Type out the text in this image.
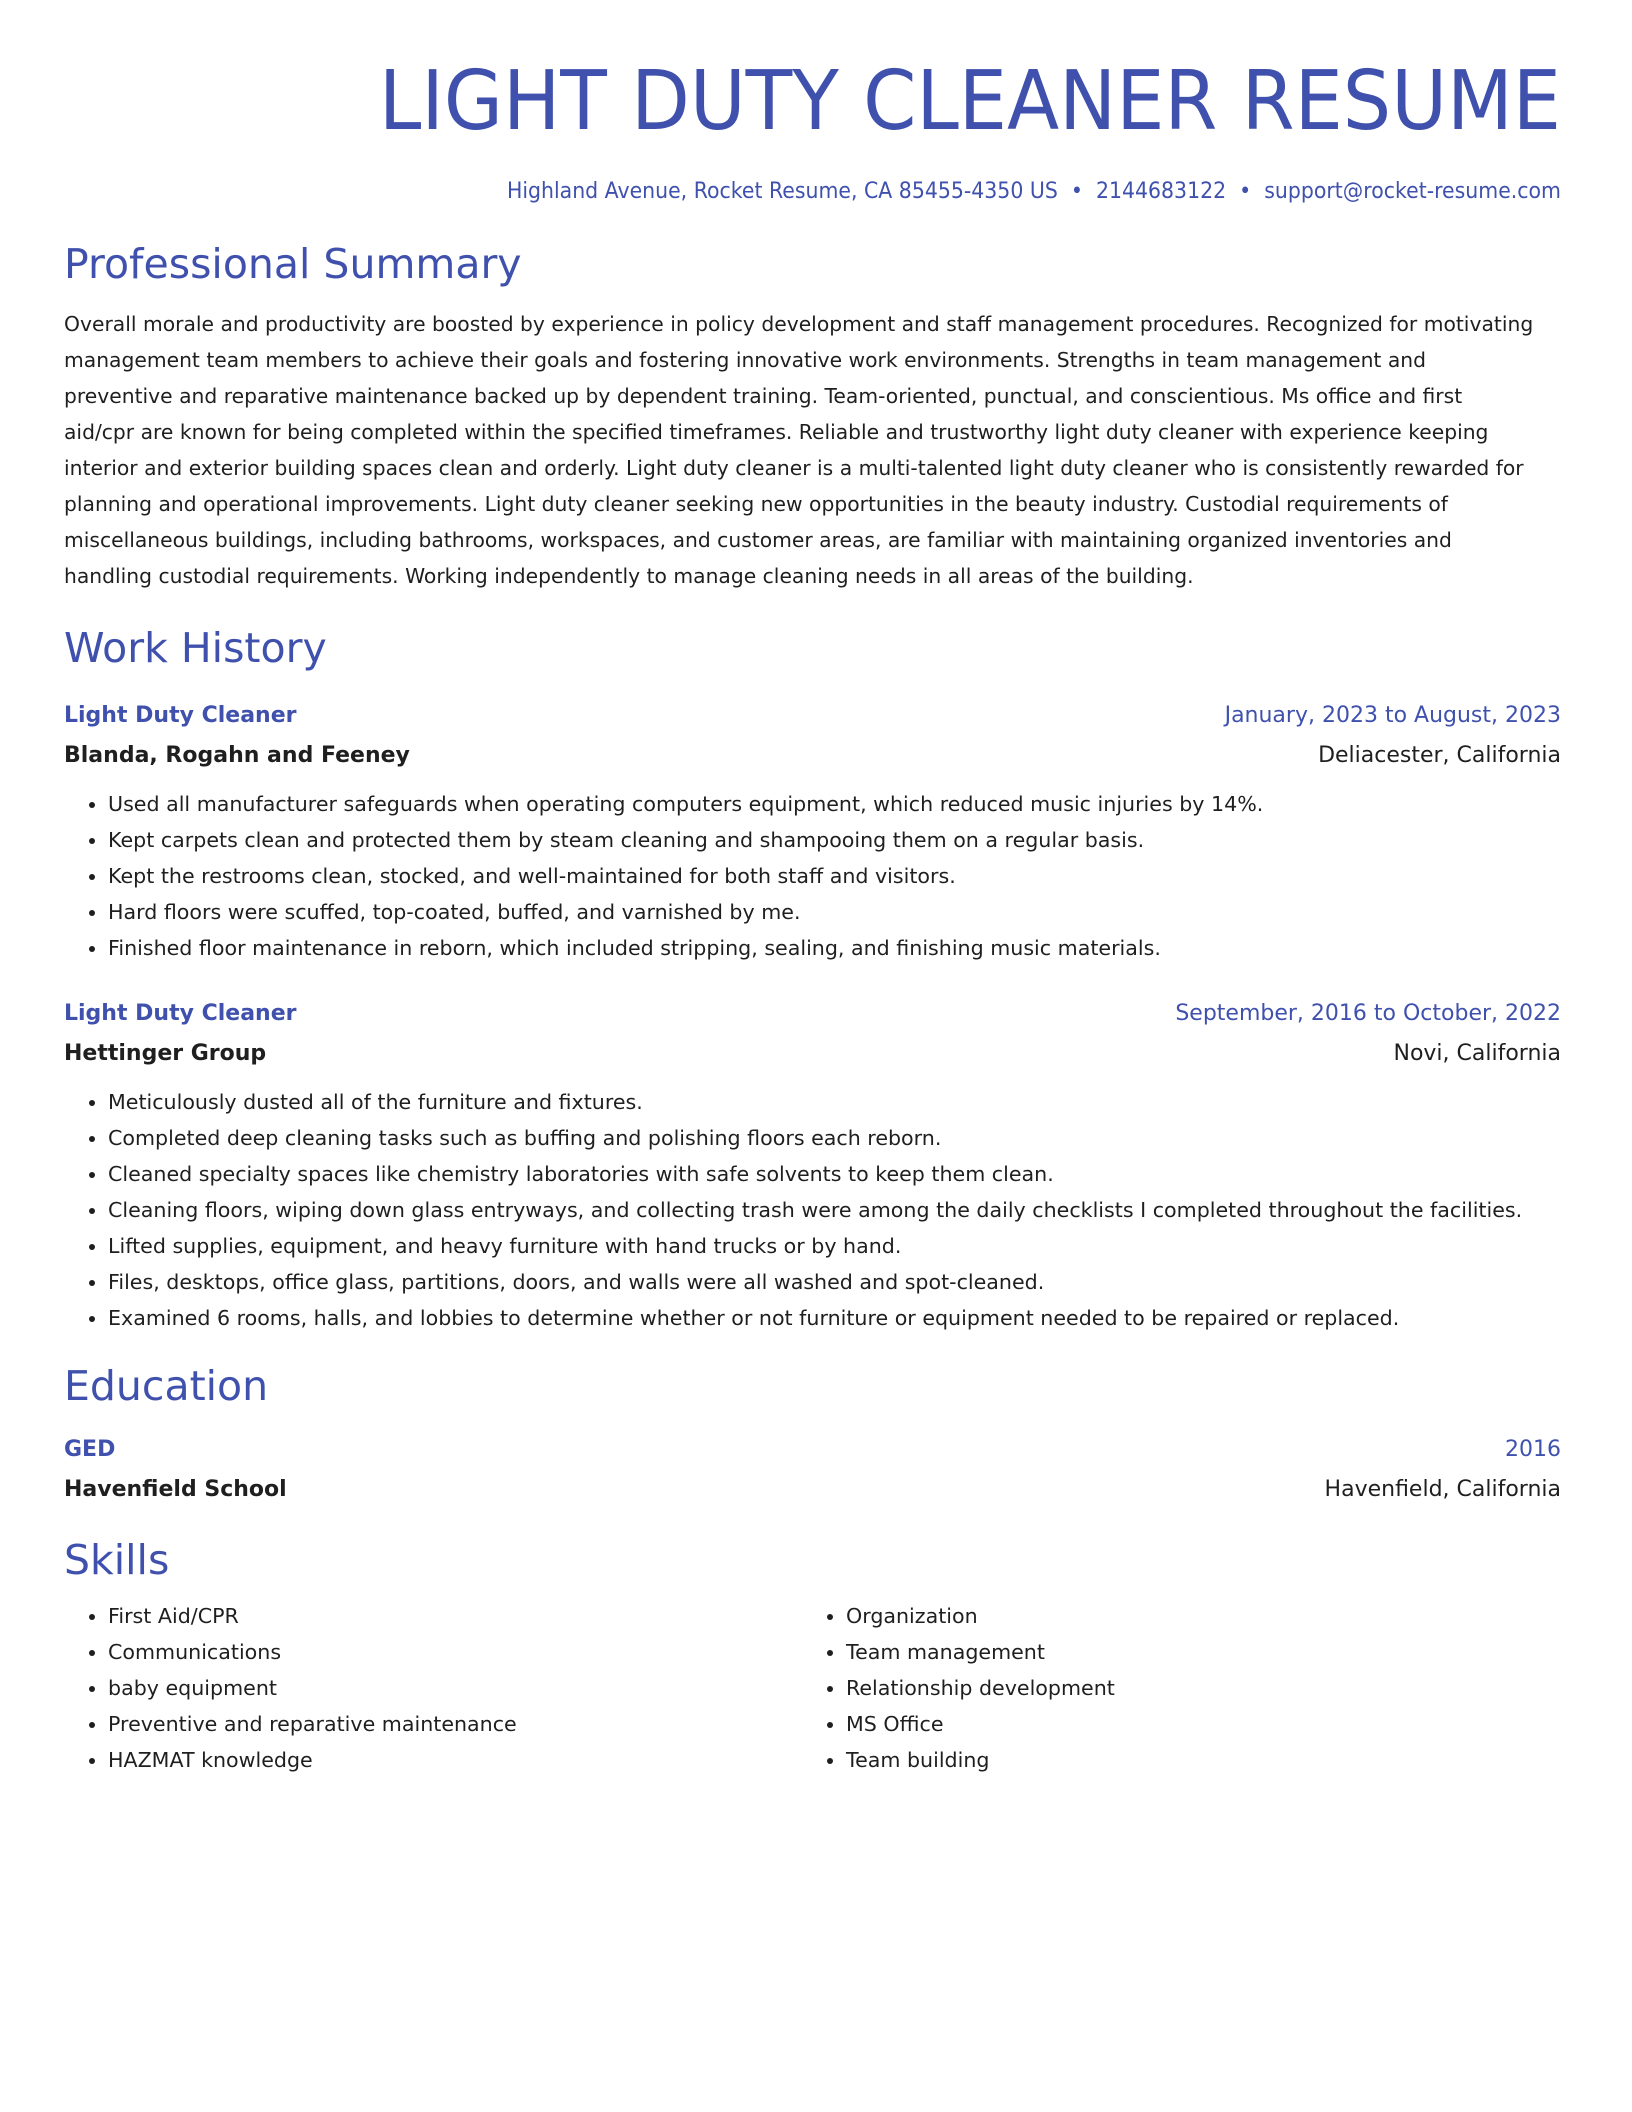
LIGHT DUTY CLEANER RESUME
Highland Avenue, Rocket Resume, CA 85455-4350 US • 2144683122 • support@rocket-resume.com
Professional Summary
Overall morale and productivity are boosted by experience in policy development and staff management procedures. Recognized for motivating management team members to achieve their goals and fostering innovative work environments. Strengths in team management and preventive and reparative maintenance backed up by dependent training. Team-oriented, punctual, and conscientious. Ms office and first aid/cpr are known for being completed within the specified timeframes. Reliable and trustworthy light duty cleaner with experience keeping interior and exterior building spaces clean and orderly. Light duty cleaner is a multi-talented light duty cleaner who is consistently rewarded for planning and operational improvements. Light duty cleaner seeking new opportunities in the beauty industry. Custodial requirements of miscellaneous buildings, including bathrooms, workspaces, and customer areas, are familiar with maintaining organized inventories and handling custodial requirements. Working independently to manage cleaning needs in all areas of the building.
Work History
Light Duty Cleaner	January, 2023 to August, 2023
Blanda, Rogahn and Feeney	Deliacester, California
• Used all manufacturer safeguards when operating computers equipment, which reduced music injuries by 14%.
• Kept carpets clean and protected them by steam cleaning and shampooing them on a regular basis.
• Kept the restrooms clean, stocked, and well-maintained for both staff and visitors.
• Hard floors were scuffed, top-coated, buffed, and varnished by me.
• Finished floor maintenance in reborn, which included stripping, sealing, and finishing music materials.
Light Duty Cleaner	September, 2016 to October, 2022
Hettinger Group	Novi, California
• Meticulously dusted all of the furniture and fixtures.
• Completed deep cleaning tasks such as buffing and polishing floors each reborn.
• Cleaned specialty spaces like chemistry laboratories with safe solvents to keep them clean.
• Cleaning floors, wiping down glass entryways, and collecting trash were among the daily checklists I completed throughout the facilities.
• Lifted supplies, equipment, and heavy furniture with hand trucks or by hand.
• Files, desktops, office glass, partitions, doors, and walls were all washed and spot-cleaned.
• Examined 6 rooms, halls, and lobbies to determine whether or not furniture or equipment needed to be repaired or replaced.
Education
GED	2016
Havenfield School	Havenfield, California
Skills
• First Aid/CPR
• Communications
• baby equipment
• Preventive and reparative maintenance
• HAZMAT knowledge
• Organization
• Team management
• Relationship development
• MS Office
• Team building
